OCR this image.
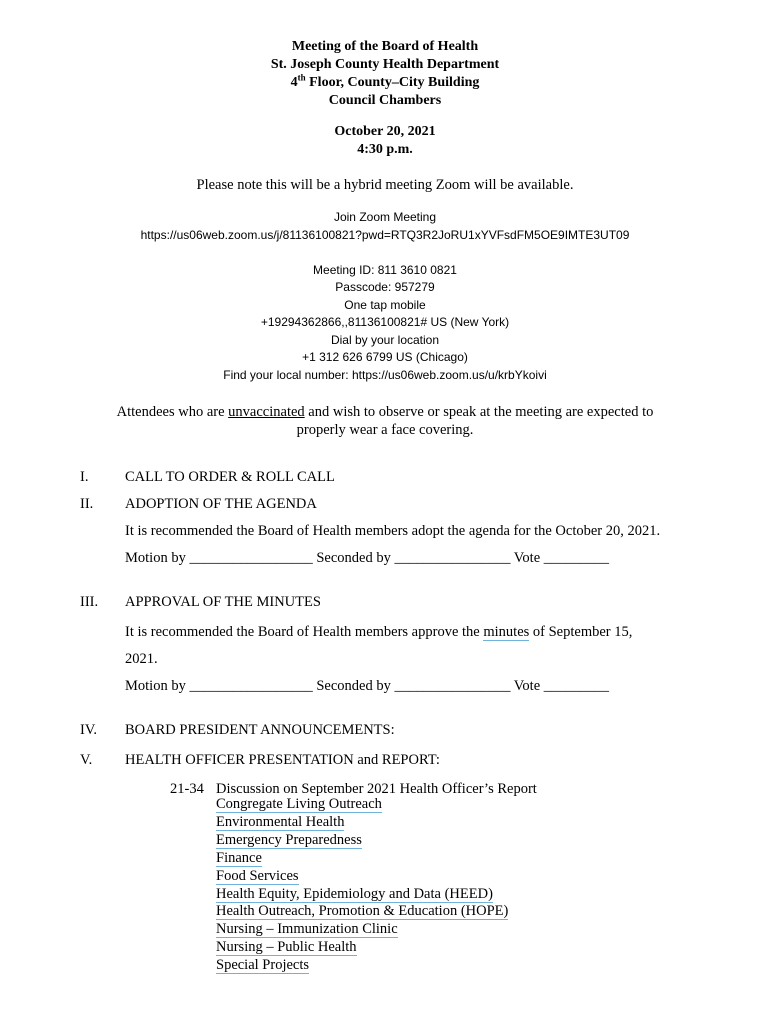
Meeting of the Board of Health
St. Joseph County Health Department
4th Floor, County–City Building
Council Chambers
October 20, 2021
4:30 p.m.
Please note this will be a hybrid meeting Zoom will be available.
Join Zoom Meeting
https://us06web.zoom.us/j/81136100821?pwd=RTQ3R2JoRU1xYVFsdFM5OE9IMTE3UT09
Meeting ID: 811 3610 0821
Passcode: 957279
One tap mobile
+19294362866,,81136100821# US (New York)
Dial by your location
+1 312 626 6799 US (Chicago)
Find your local number: https://us06web.zoom.us/u/krbYkoivi
Attendees who are unvaccinated and wish to observe or speak at the meeting are expected to
properly wear a face covering.
I.	CALL TO ORDER & ROLL CALL
II. ADOPTION OF THE AGENDA
It is recommended the Board of Health members adopt the agenda for the October 20, 2021.
Motion by _________________ Seconded by ________________ Vote _________
III. APPROVAL OF THE MINUTES
It is recommended the Board of Health members approve the minutes of September 15,
2021.
Motion by _________________ Seconded by ________________ Vote _________
IV. BOARD PRESIDENT ANNOUNCEMENTS:
V. HEALTH OFFICER PRESENTATION and REPORT:
21-34 Discussion on September 2021 Health Officer’s Report
Congregate Living Outreach
Environmental Health
Emergency Preparedness
Finance
Food Services
Health Equity, Epidemiology and Data (HEED)
Health Outreach, Promotion & Education (HOPE)
Nursing – Immunization Clinic
Nursing – Public Health
Special Projects
